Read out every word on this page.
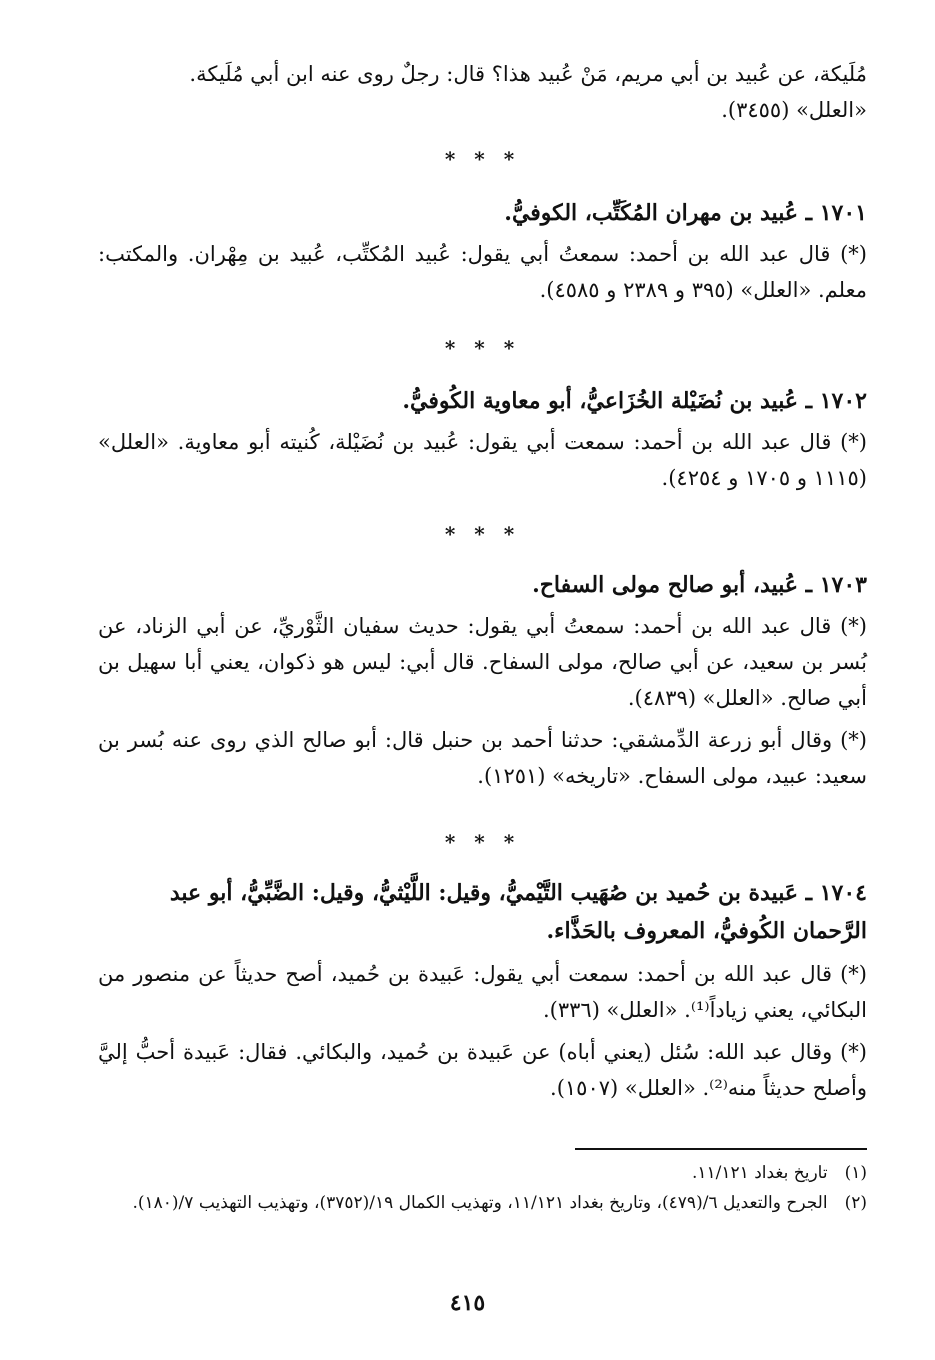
مُلَيكة، عن عُبيد بن أبي مريم، مَنْ عُبيد هذا؟ قال: رجلٌ روى عنه ابن أبي مُلَيكة.

«العلل» (٣٤٥٥).

* * *

١٧٠١ ـ عُبيد بن مهران المُكَتِّب، الكوفيُّ.

(*) قال عبد الله بن أحمد: سمعتُ أبي يقول: عُبيد المُكتِّب، عُبيد بن مِهْران. والمكتب: معلم. «العلل» (٣٩٥ و ٢٣٨٩ و ٤٥٨٥).

* * *

١٧٠٢ ـ عُبيد بن نُضَيْلة الخُزَاعيُّ، أبو معاوية الكُوفيُّ.

(*) قال عبد الله بن أحمد: سمعت أبي يقول: عُبيد بن نُضَيْلة، كُنيته أبو معاوية. «العلل» (١١١٥ و ١٧٠٥ و ٤٢٥٤).

* * *

١٧٠٣ ـ عُبيد، أبو صالح مولى السفاح.

(*) قال عبد الله بن أحمد: سمعتُ أبي يقول: حديث سفيان الثَّوْريِّ، عن أبي الزناد، عن بُسر بن سعيد، عن أبي صالح، مولى السفاح. قال أبي: ليس هو ذكوان، يعني أبا سهيل بن أبي صالح. «العلل» (٤٨٣٩).

(*) وقال أبو زرعة الدِّمشقي: حدثنا أحمد بن حنبل قال: أبو صالح الذي روى عنه بُسر بن سعيد: عبيد، مولى السفاح. «تاريخه» (١٢٥١).

* * *

١٧٠٤ ـ عَبيدة بن حُميد بن صُهَيب التَّيْميُّ، وقيل: اللَّيْثيُّ، وقيل: الضَّبِّيُّ، أبو عبد الرَّحمان الكُوفيُّ، المعروف بالحَذَّاء.

(*) قال عبد الله بن أحمد: سمعت أبي يقول: عَبيدة بن حُميد، أصح حديثاً عن منصور من البكائي، يعني زياداً⁽¹⁾. «العلل» (٣٣٦).

(*) وقال عبد الله: سُئل (يعني أباه) عن عَبيدة بن حُميد، والبكائي. فقال: عَبيدة أحبُّ إليَّ وأصلح حديثاً منه⁽²⁾. «العلل» (١٥٠٧).

(١) تاريخ بغداد ١١/١٢١.

(٢) الجرح والتعديل ٦/(٤٧٩)، وتاريخ بغداد ١١/١٢١، وتهذيب الكمال ١٩/(٣٧٥٢)، وتهذيب التهذيب ٧/(١٨٠).

٤١٥
